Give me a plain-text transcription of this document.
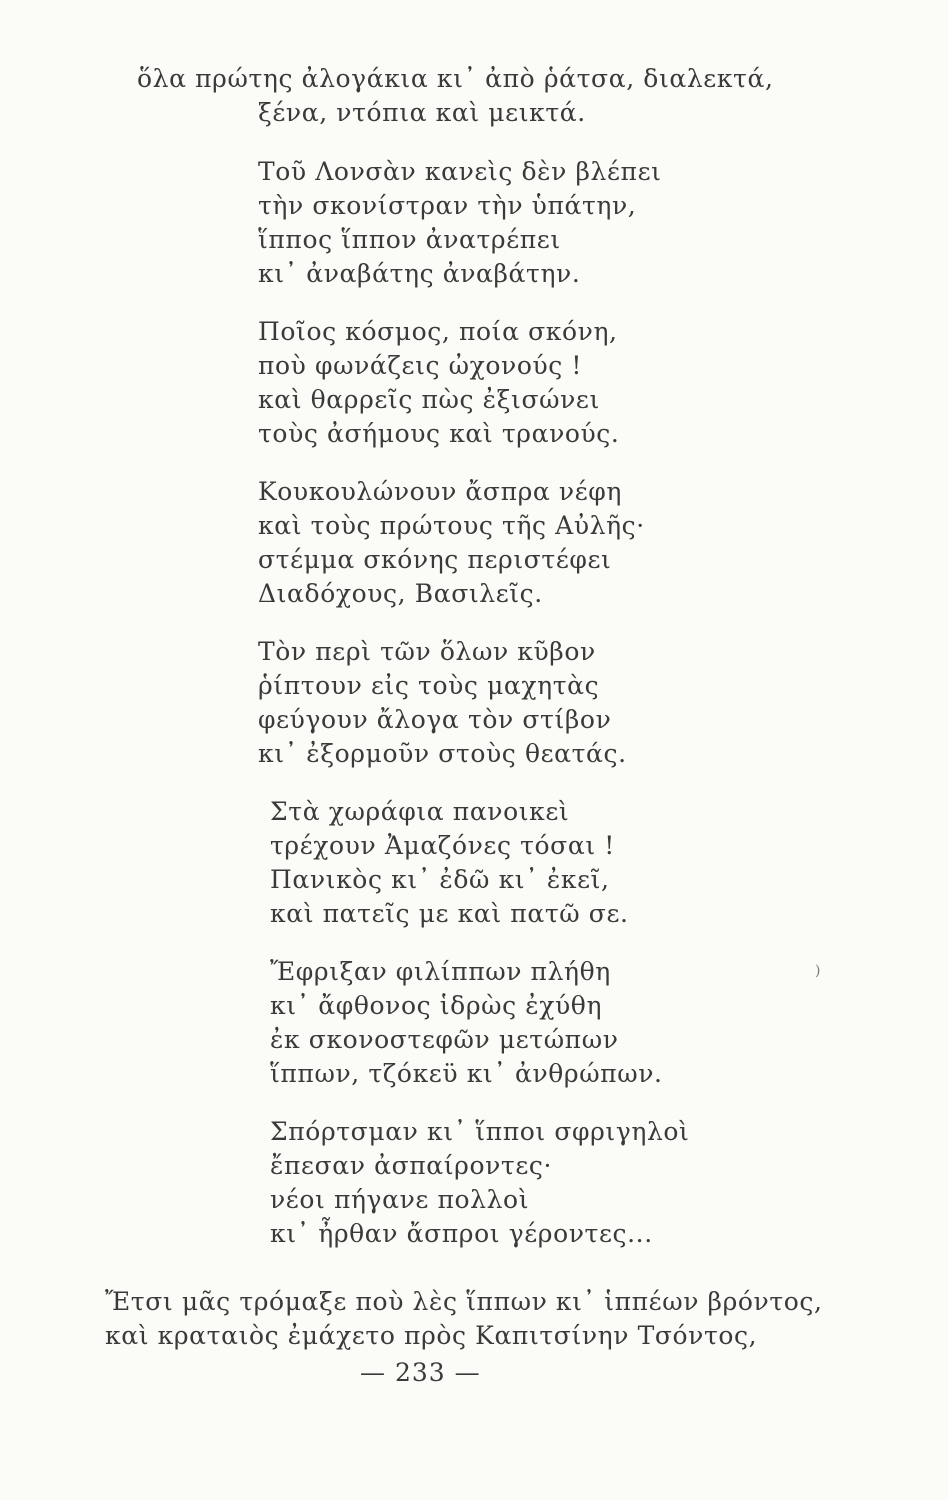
ὅλα πρώτης ἀλογάκια κι᾿ ἀπὸ ῥάτσα, διαλεκτά,
ξένα, ντόπια καὶ μεικτά.
Τοῦ Λονσὰν κανεὶς δὲν βλέπει
τὴν σκονίστραν τὴν ὑπάτην,
ἵππος ἵππον ἀνατρέπει
κι᾿ ἀναβάτης ἀναβάτην.
Ποῖος κόσμος, ποία σκόνη,
ποὺ φωνάζεις ὠχονούς !
καὶ θαρρεῖς πὼς ἐξισώνει
τοὺς ἀσήμους καὶ τρανούς.
Κουκουλώνουν ἄσπρα νέφη
καὶ τοὺς πρώτους τῆς Αὐλῆς·
στέμμα σκόνης περιστέφει
Διαδόχους, Βασιλεῖς.
Τὸν περὶ τῶν ὅλων κῦβον
ῥίπτουν εἰς τοὺς μαχητὰς
φεύγουν ἄλογα τὸν στίβον
κι᾿ ἐξορμοῦν στοὺς θεατάς.
Στὰ χωράφια πανοικεὶ
τρέχουν Ἀμαζόνες τόσαι !
Πανικὸς κι᾿ ἐδῶ κι᾿ ἐκεῖ,
καὶ πατεῖς με καὶ πατῶ σε.
Ἔφριξαν φιλίππων πλήθη
κι᾿ ἄφθονος ἱδρὼς ἐχύθη
ἐκ σκονοστεφῶν μετώπων
ἵππων, τζόκεϋ κι᾿ ἀνθρώπων.
Σπόρτσμαν κι᾿ ἵπποι σφριγηλοὶ
ἔπεσαν ἀσπαίροντες·
νέοι πήγανε πολλοὶ
κι᾿ ἦρθαν ἄσπροι γέροντες...
Ἔτσι μᾶς τρόμαξε ποὺ λὲς ἵππων κι᾿ ἱππέων βρόντος,
καὶ κραταιὸς ἐμάχετο πρὸς Καπιτσίνην Τσόντος,
)
— 233 —
